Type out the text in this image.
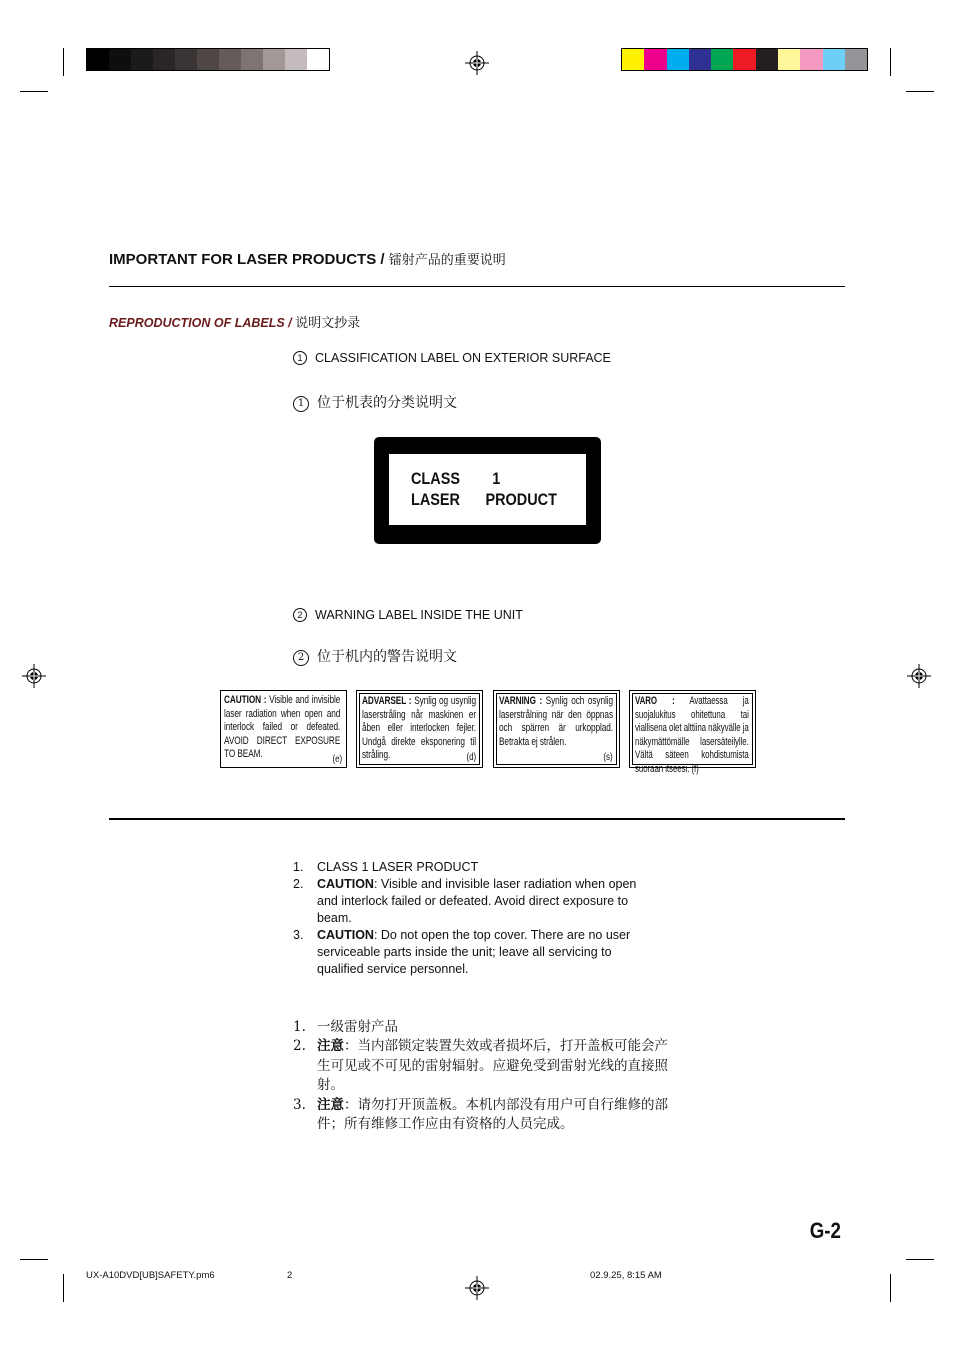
IMPORTANT FOR LASER PRODUCTS / 镭射产品的重要说明
REPRODUCTION OF LABELS / 说明文抄录
1 CLASSIFICATION LABEL ON EXTERIOR SURFACE
1 位于机表的分类说明文
CLASS 1
LASER PRODUCT
2 WARNING LABEL INSIDE THE UNIT
2 位于机内的警告说明文
CAUTION : Visible and invisible laser radiation when open and interlock failed or defeated. AVOID DIRECT EXPOSURE TO BEAM.	(e)
ADVARSEL : Synlig og usynlig laserstråling når maskinen er åben eller interlocken fejler. Undgå direkte eksponering til stråling.	(d)
VARNING : Synlig och osynlig laserstrålning när den öppnas och spärren är urkopplad. Betrakta ej strålen.
(s)
VARO : Avattaessa ja suojalukitus ohitettuna tai viallisena olet alttiina näkyvälle ja näkymättömälle lasersäteilylle. Vältä säteen kohdistumista suoraan itseesi. (f)
1.	CLASS 1 LASER PRODUCT
2.	CAUTION: Visible and invisible laser radiation when open and interlock failed or defeated. Avoid direct exposure to beam.
3.	CAUTION: Do not open the top cover. There are no user serviceable parts inside the unit; leave all servicing to qualified service personnel.
1. 一级雷射产品
2. 注意：当内部锁定装置失效或者损坏后，打开盖板可能会产生可见或不可见的雷射辐射。应避免受到雷射光线的直接照射。
3. 注意：请勿打开顶盖板。本机内部没有用户可自行维修的部件；所有维修工作应由有资格的人员完成。
G-2
UX-A10DVD[UB]SAFETY.pm6	2	02.9.25, 8:15 AM
